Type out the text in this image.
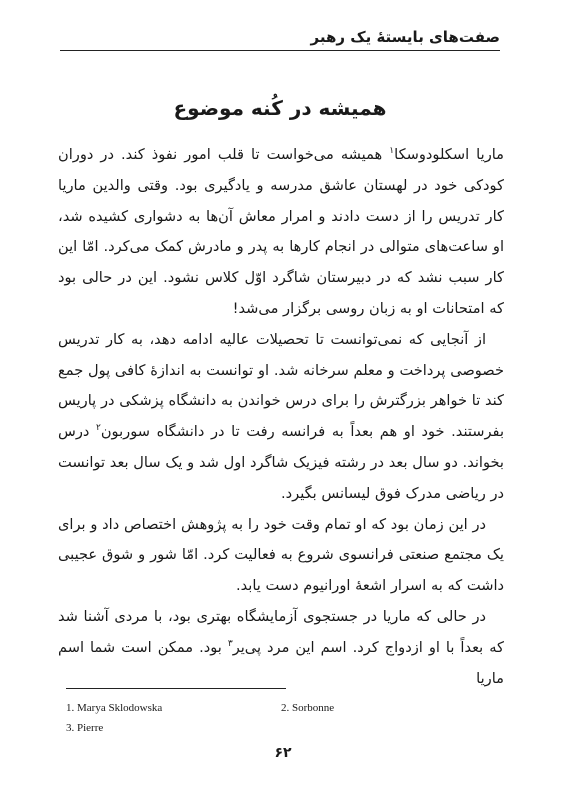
صفت‌های بایستهٔ یک رهبر
همیشه در کُنه موضوع

ماریا اسکلودوسکا$^۱$ همیشه می‌خواست تا قلب امور نفوذ کند. در دوران کودکی خود در لهستان عاشق مدرسه و یادگیری بود. وقتی والدین ماریا کار تدریس را از دست دادند و امرار معاش آن‌ها به دشواری کشیده شد، او ساعت‌های متوالی در انجام کارها به پدر و مادرش کمک می‌کرد. امّا این کار سبب نشد که در دبیرستان شاگرد اوّل کلاس نشود. این در حالی بود که امتحانات او به زبان روسی برگزار می‌شد!

از آنجایی که نمی‌توانست تا تحصیلات عالیه ادامه دهد، به کار تدریس خصوصی پرداخت و معلم سرخانه شد. او توانست به اندازهٔ کافی پول جمع کند تا خواهر بزرگترش را برای درس خواندن به دانشگاه پزشکی در پاریس بفرستند. خود او هم بعداً به فرانسه رفت تا در دانشگاه سوربون$^۲$ درس بخواند. دو سال بعد در رشته فیزیک شاگرد اول شد و یک سال بعد توانست در ریاضی مدرک فوق لیسانس بگیرد.

در این زمان بود که او تمام وقت خود را به پژوهش اختصاص داد و برای یک مجتمع صنعتی فرانسوی شروع به فعالیت کرد. امّا شور و شوق عجیبی داشت که به اسرار اشعهٔ اورانیوم دست یابد.

در حالی که ماریا در جستجوی آزمایشگاه بهتری بود، با مردی آشنا شد که بعداً با او ازدواج کرد. اسم این مرد پی‌یر$^۳$ بود. ممکن است شما اسم ماریا

1. Marya Sklodowska	2. Sorbonne
3. Pierre
۶۲
